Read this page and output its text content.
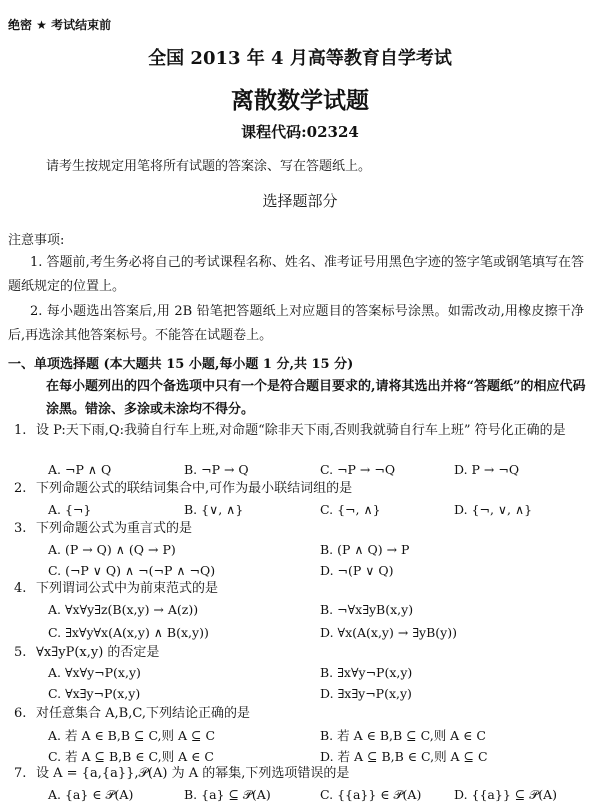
绝密 ★ 考试结束前
全国 2013 年 4 月高等教育自学考试
离散数学试题
课程代码:02324
请考生按规定用笔将所有试题的答案涂、写在答题纸上。
选择题部分
注意事项:
1. 答题前,考生务必将自己的考试课程名称、姓名、准考证号用黑色字迹的签字笔或钢笔填写在答题纸规定的位置上。
2. 每小题选出答案后,用 2B 铅笔把答题纸上对应题目的答案标号涂黑。如需改动,用橡皮擦干净后,再选涂其他答案标号。不能答在试题卷上。
一、单项选择题 (本大题共 15 小题,每小题 1 分,共 15 分)
在每小题列出的四个备选项中只有一个是符合题目要求的,请将其选出并将“答题纸”的相应代码涂黑。错涂、多涂或未涂均不得分。
1. 设 P:天下雨,Q:我骑自行车上班,对命题“除非天下雨,否则我就骑自行车上班” 符号化正确的是
A. ¬P ∧ Q	B. ¬P → Q	C. ¬P → ¬Q	D. P → ¬Q
2. 下列命题公式的联结词集合中,可作为最小联结词组的是
A. {¬}	B. {∨, ∧}	C. {¬, ∧}	D. {¬, ∨, ∧}
3. 下列命题公式为重言式的是
A. (P → Q) ∧ (Q → P)	B. (P ∧ Q) → P
C. (¬P ∨ Q) ∧ ¬(¬P ∧ ¬Q)	D. ¬(P ∨ Q)
4. 下列谓词公式中为前束范式的是
A. ∀x∀y∃z(B(x,y) → A(z))	B. ¬∀x∃yB(x,y)
C. ∃x∀y∀x(A(x,y) ∧ B(x,y))	D. ∀x(A(x,y) → ∃yB(y))
5. ∀x∃yP(x,y) 的否定是
A. ∀x∀y¬P(x,y)	B. ∃x∀y¬P(x,y)
C. ∀x∃y¬P(x,y)	D. ∃x∃y¬P(x,y)
6. 对任意集合 A,B,C,下列结论正确的是
A. 若 A ∈ B,B ⊆ C,则 A ⊆ C	B. 若 A ∈ B,B ⊆ C,则 A ∈ C
C. 若 A ⊆ B,B ∈ C,则 A ∈ C	D. 若 A ⊆ B,B ∈ C,则 A ⊆ C
7. 设 A = {a,{a}},𝒫(A) 为 A 的幂集,下列选项错误的是
A. {a} ∈ 𝒫(A)	B. {a} ⊆ 𝒫(A)	C. {{a}} ∈ 𝒫(A)	D. {{a}} ⊆ 𝒫(A)
